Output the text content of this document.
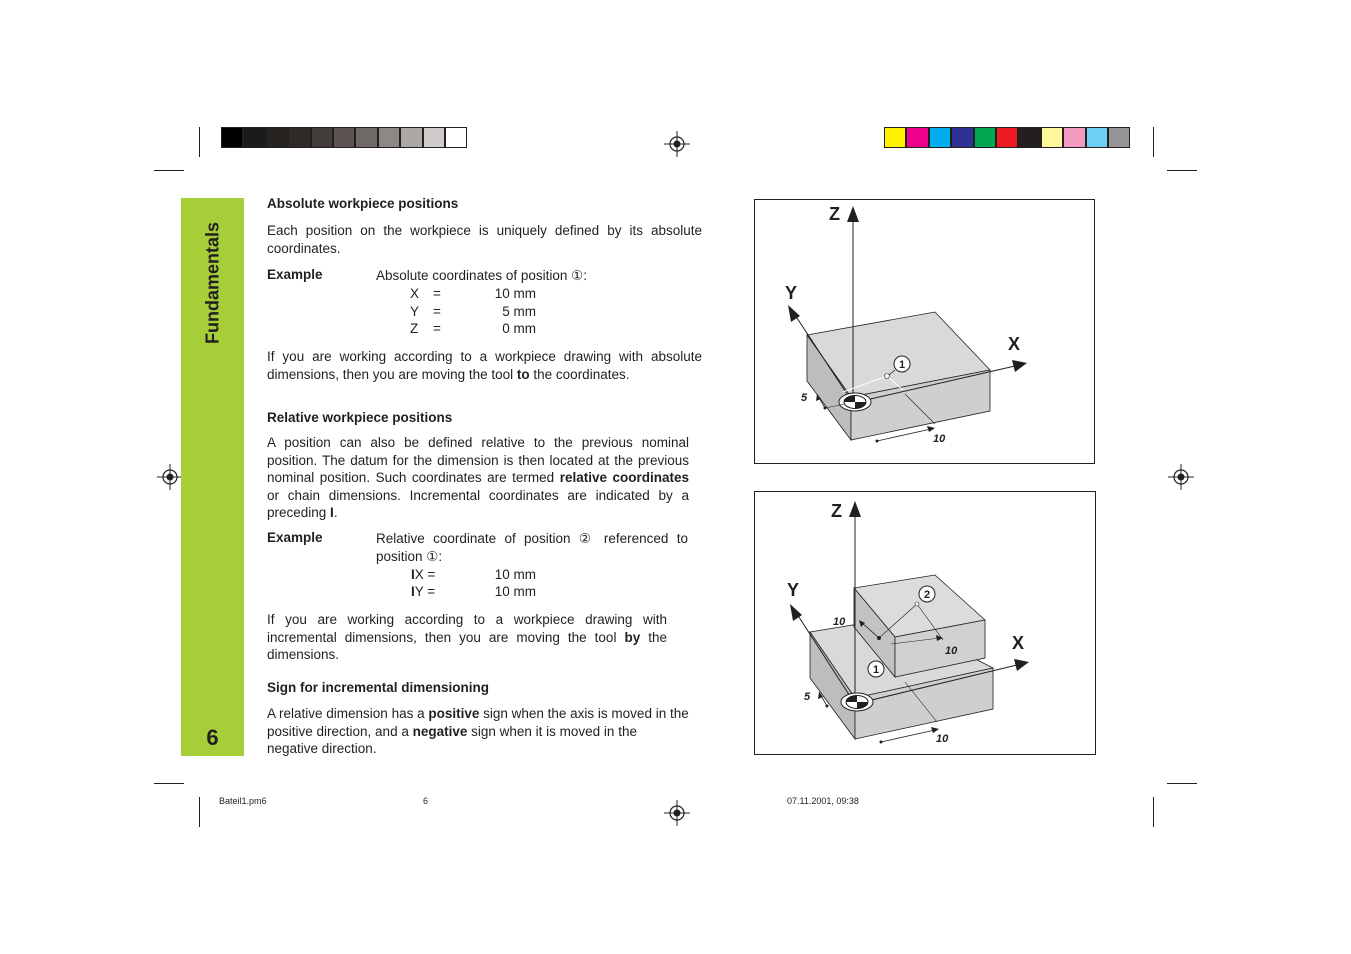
Fundamentals
6
Absolute workpiece positions
Each position on the workpiece is uniquely defined by its absolute coordinates.
Example	Absolute coordinates of position ①:
X =	10 mm
Y =	5 mm
Z =	0 mm
If you are working according to a workpiece drawing with absolute dimensions, then you are moving the tool to the coordinates.
Relative workpiece positions
A position can also be defined relative to the previous nominal position. The datum for the dimension is then located at the previous nominal position. Such coordinates are termed relative coordinates or chain dimensions. Incremental coordinates are indicated by a preceding I.
Example	Relative coordinate of position ② referenced to position ①:
IX =	10 mm
IY =	10 mm
If you are working according to a workpiece drawing with incremental dimensions, then you are moving the tool by the dimensions.
Sign for incremental dimensioning
A relative dimension has a positive sign when the axis is moved in the positive direction, and a negative sign when it is moved in the negative direction.
Z
Y
X
1
5
10
Z
Y
X
2
1
10
10
5
10
Bateil1.pm6	6	07.11.2001, 09:38
